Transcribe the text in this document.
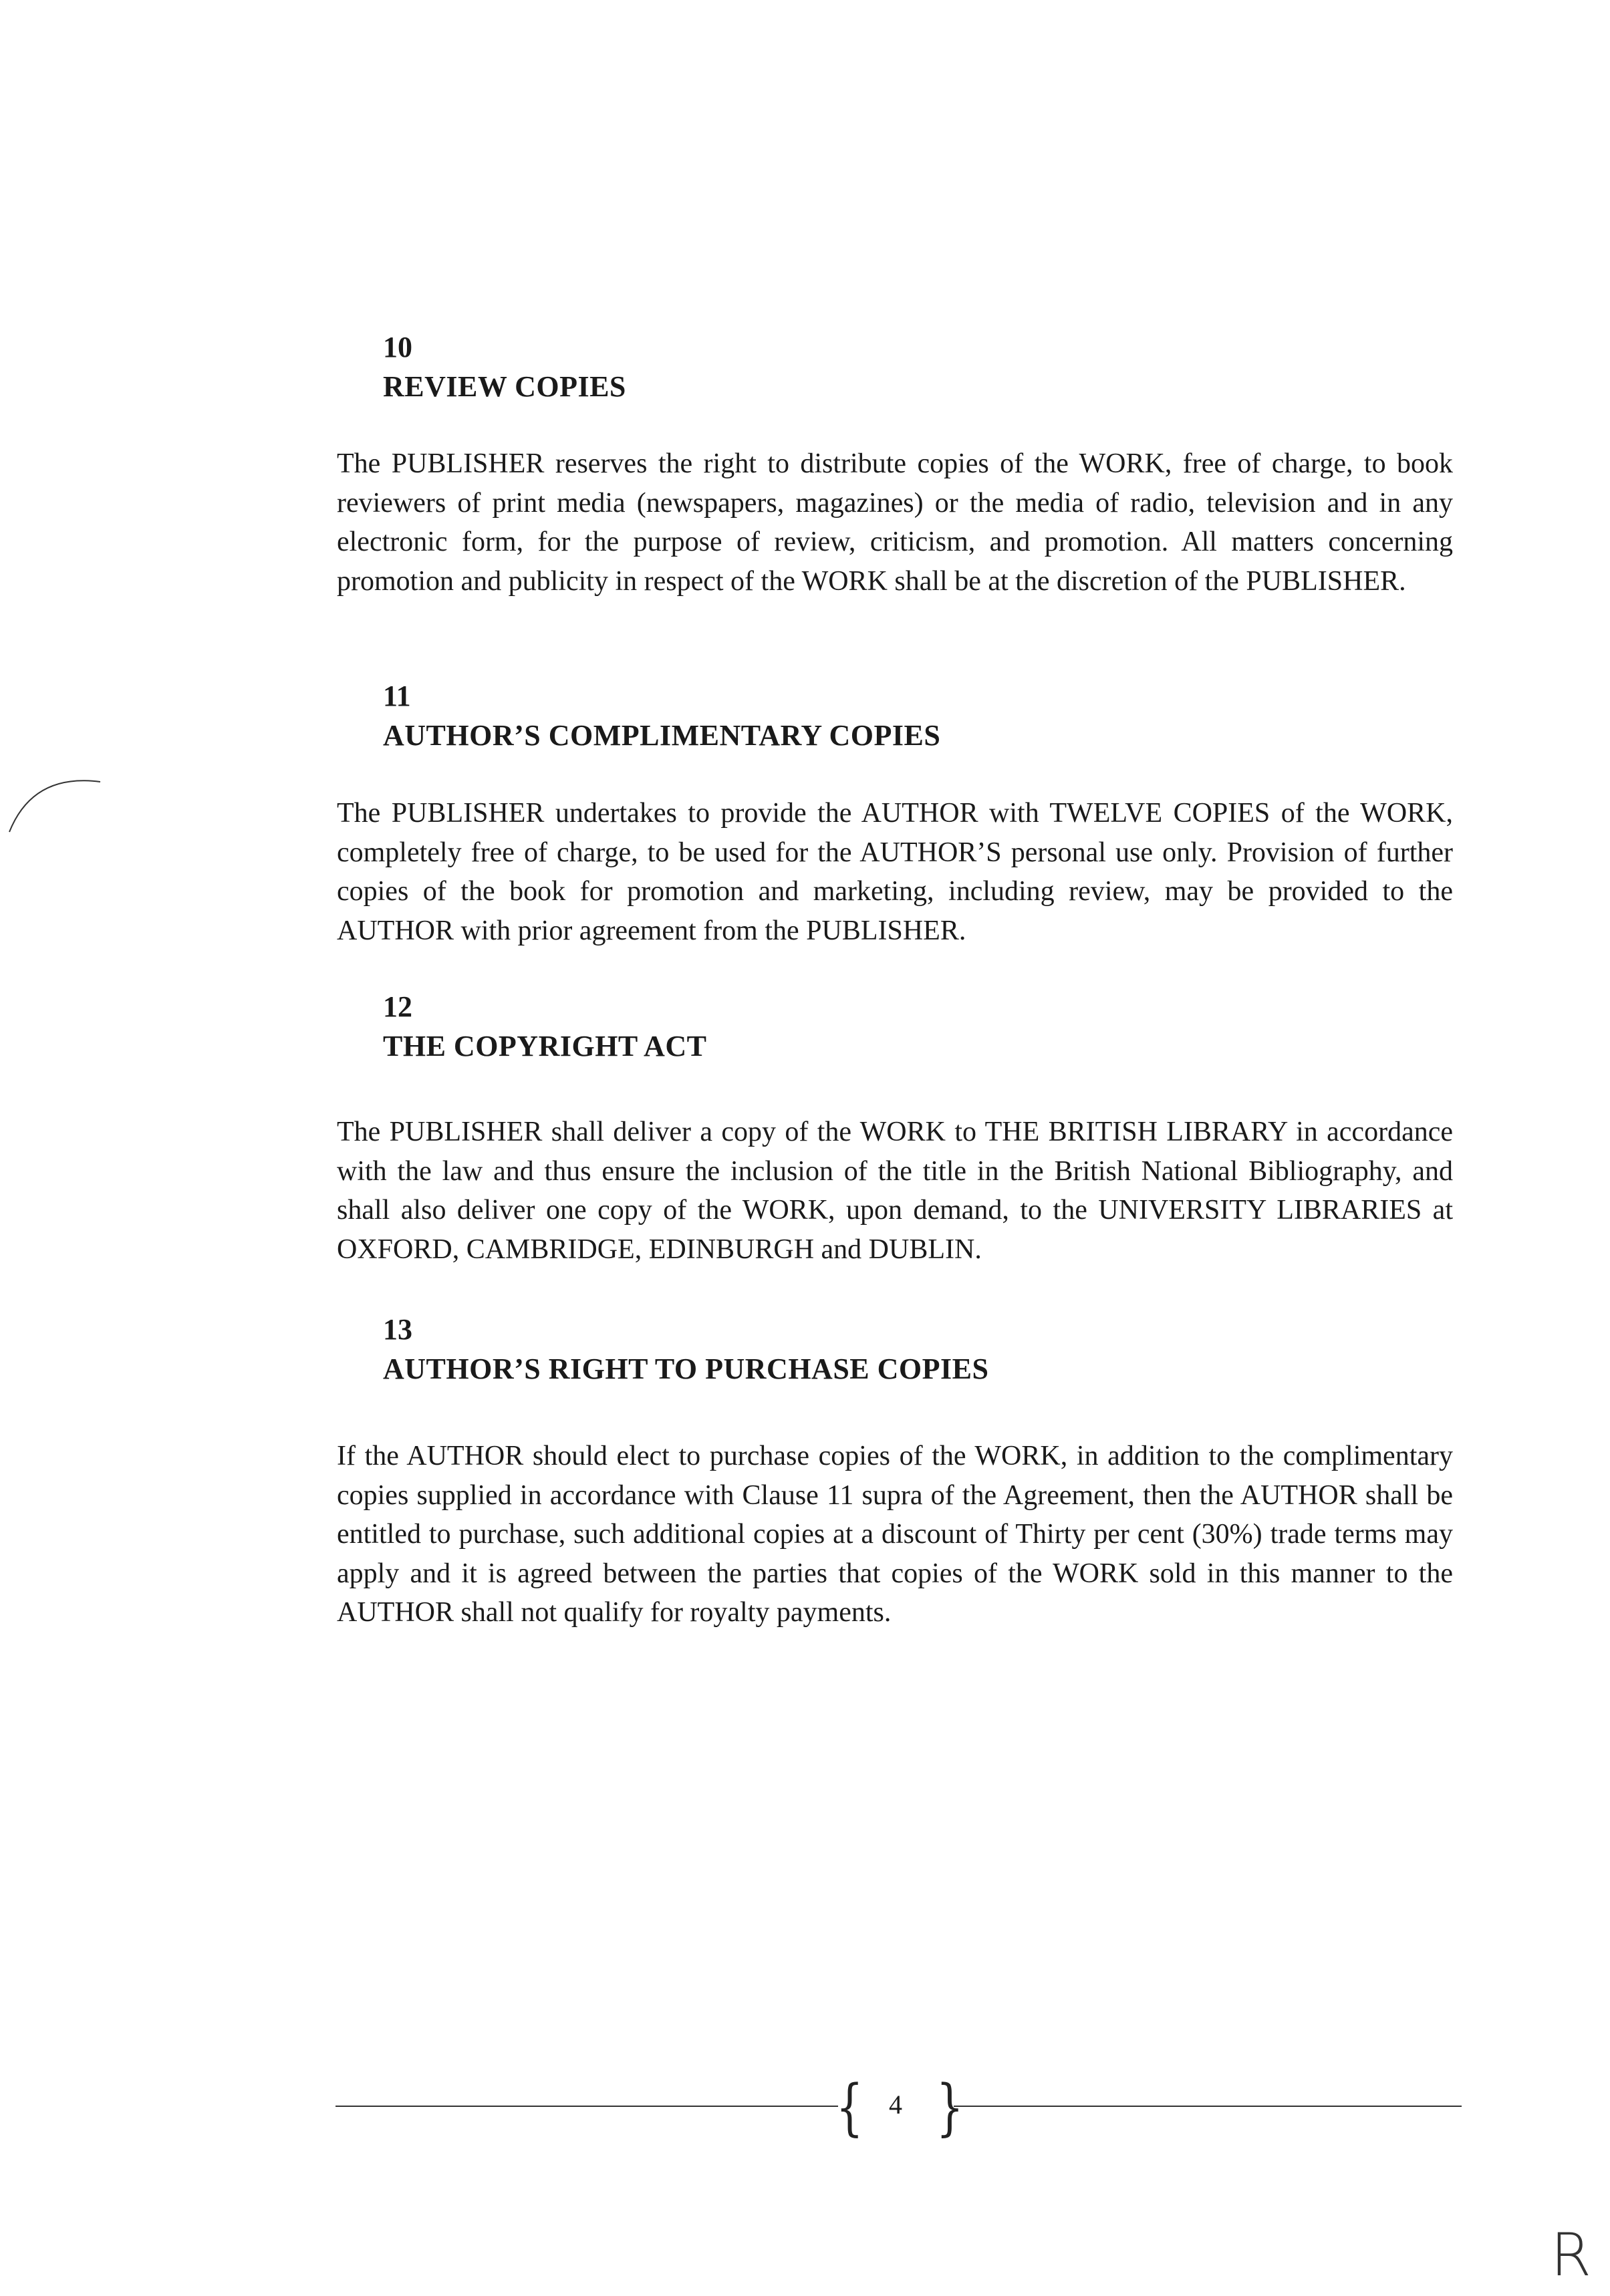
10
REVIEW COPIES

The PUBLISHER reserves the right to distribute copies of the WORK, free of charge, to book reviewers of print media (newspapers, magazines) or the media of radio, television and in any electronic form, for the purpose of review, criticism, and promotion. All matters concerning promotion and publicity in respect of the WORK shall be at the discretion of the PUBLISHER.

11
AUTHOR’S COMPLIMENTARY COPIES

The PUBLISHER undertakes to provide the AUTHOR with TWELVE COPIES of the WORK, completely free of charge, to be used for the AUTHOR’S personal use only. Provision of further copies of the book for promotion and marketing, including review, may be provided to the AUTHOR with prior agreement from the PUBLISHER.

12
THE COPYRIGHT ACT

The PUBLISHER shall deliver a copy of the WORK to THE BRITISH LIBRARY in accordance with the law and thus ensure the inclusion of the title in the British National Bibliography, and shall also deliver one copy of the WORK, upon demand, to the UNIVERSITY LIBRARIES at OXFORD, CAMBRIDGE, EDINBURGH and DUBLIN.

13
AUTHOR’S RIGHT TO PURCHASE COPIES

If the AUTHOR should elect to purchase copies of the WORK, in addition to the complimentary copies supplied in accordance with Clause 11 supra of the Agreement, then the AUTHOR shall be entitled to purchase, such additional copies at a discount of Thirty per cent (30%) trade terms may apply and it is agreed between the parties that copies of the WORK sold in this manner to the AUTHOR shall not qualify for royalty payments.

{ 4 }
R
